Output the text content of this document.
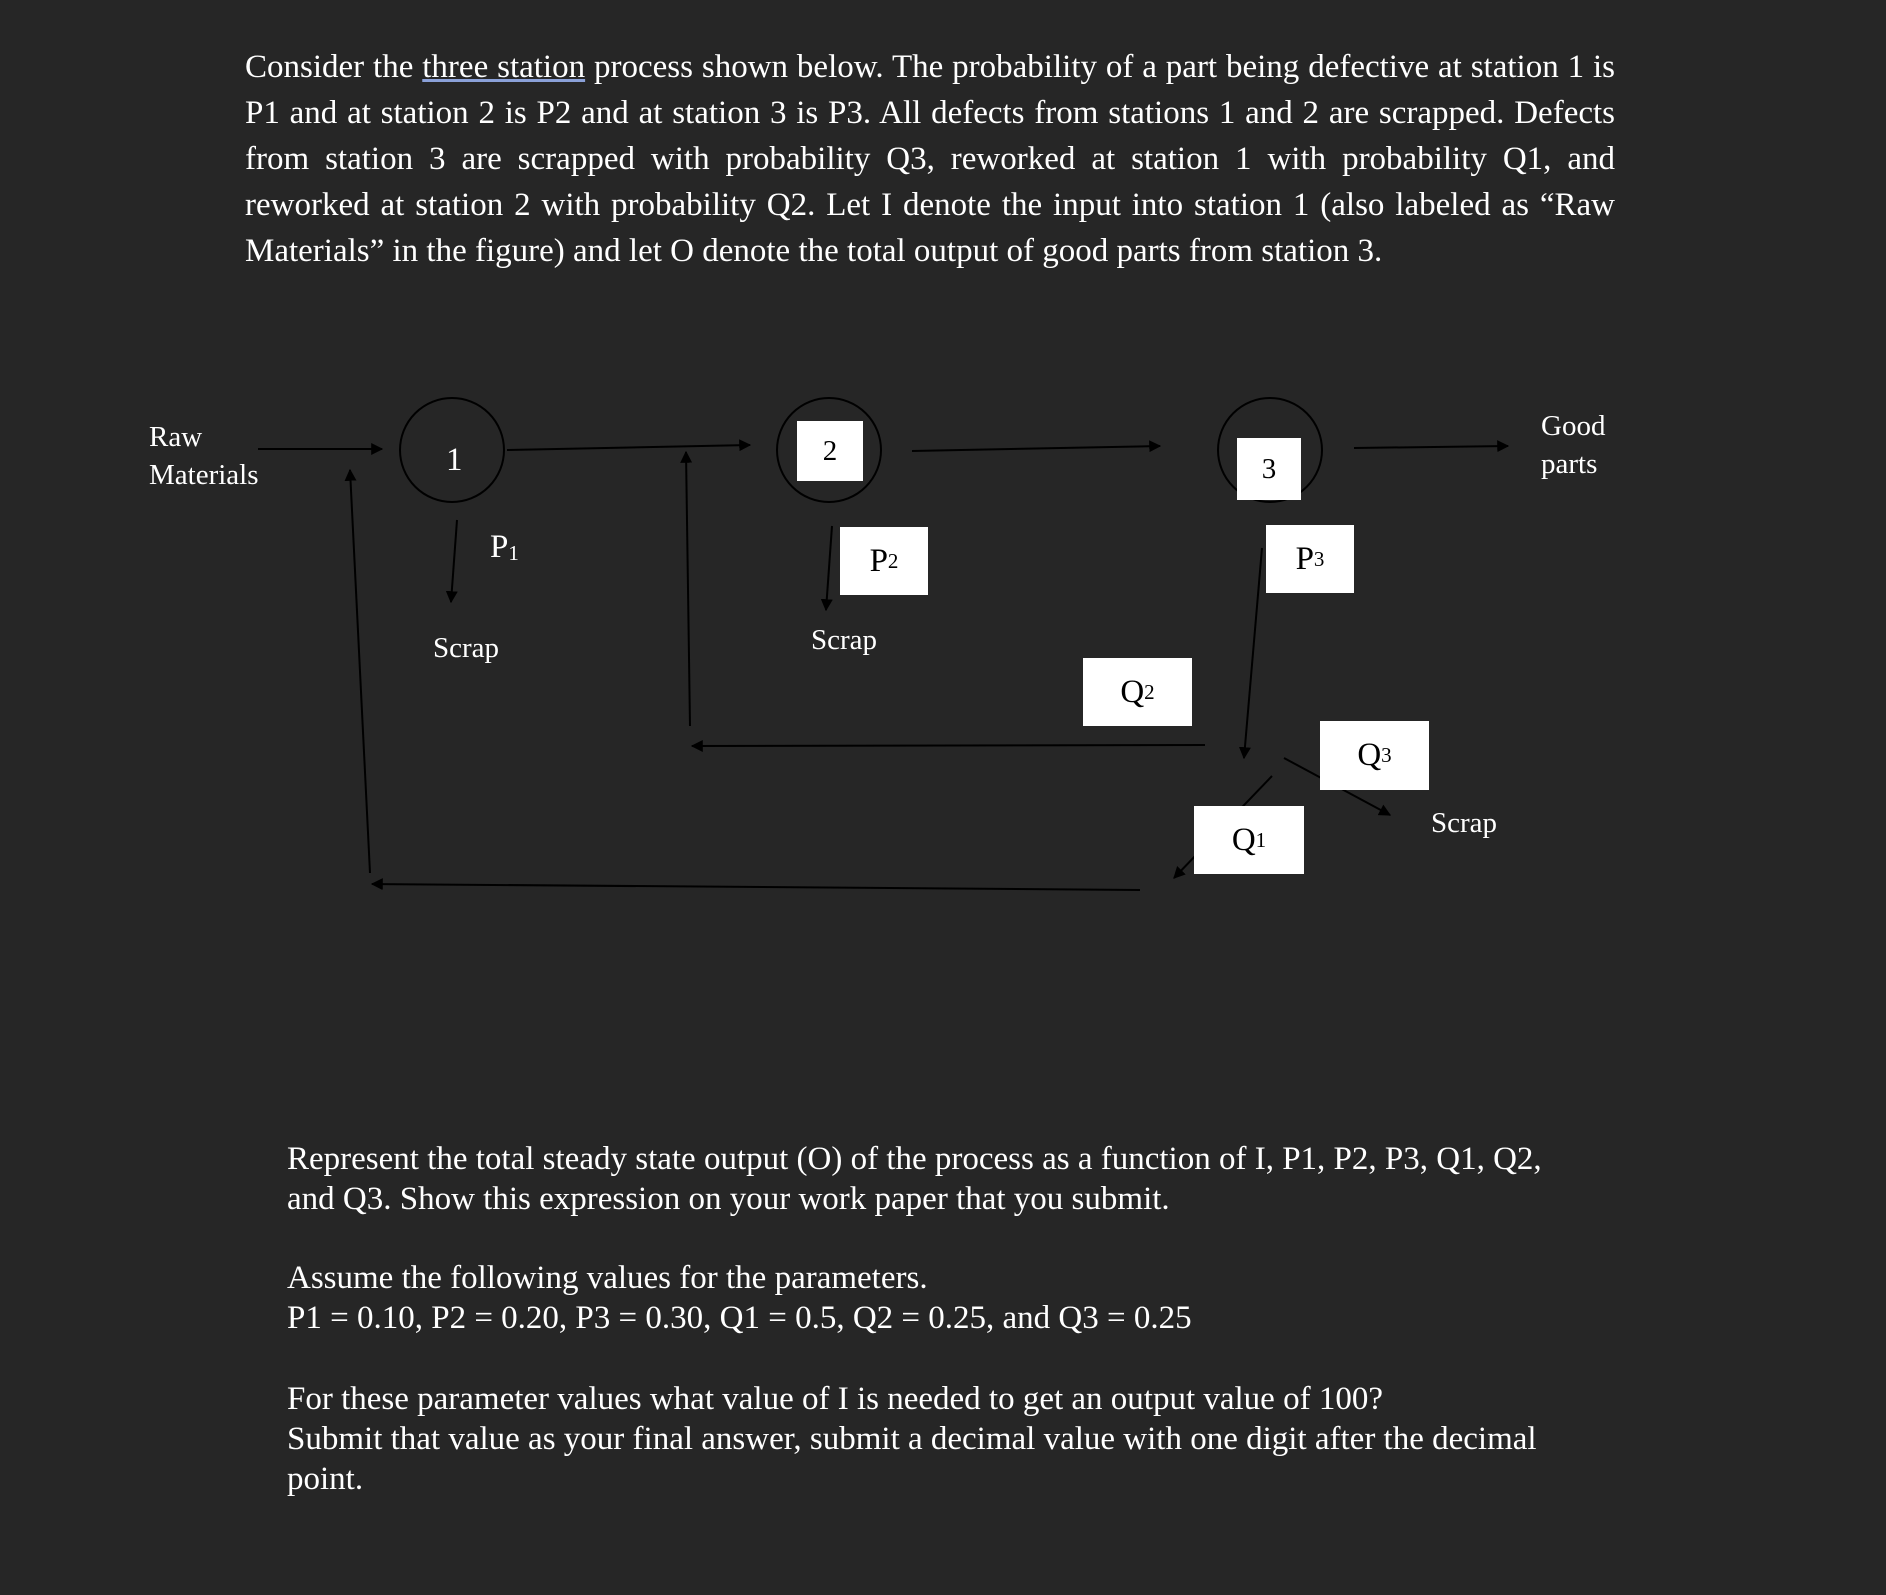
Consider the three station process shown below. The probability of a part being defective at station 1 is P1 and at station 2 is P2 and at station 3 is P3. All defects from stations 1 and 2 are scrapped. Defects from station 3 are scrapped with probability Q3, reworked at station 1 with probability Q1, and reworked at station 2 with probability Q2. Let I denote the input into station 1 (also labeled as “Raw Materials” in the figure) and let O denote the total output of good parts from station 3.
Raw
Materials
Good
parts
1	2
3
$P_1$	P 2	P 3
Scrap	Scrap
Scrap
Q 2
Q 3
Q 1
Represent the total steady state output (O) of the process as a function of I, P1, P2, P3, Q1, Q2,
and Q3. Show this expression on your work paper that you submit.
Assume the following values for the parameters.
P1 = 0.10, P2 = 0.20, P3 = 0.30, Q1 = 0.5, Q2 = 0.25, and Q3 = 0.25
For these parameter values what value of I is needed to get an output value of 100?
Submit that value as your final answer, submit a decimal value with one digit after the decimal
point.
